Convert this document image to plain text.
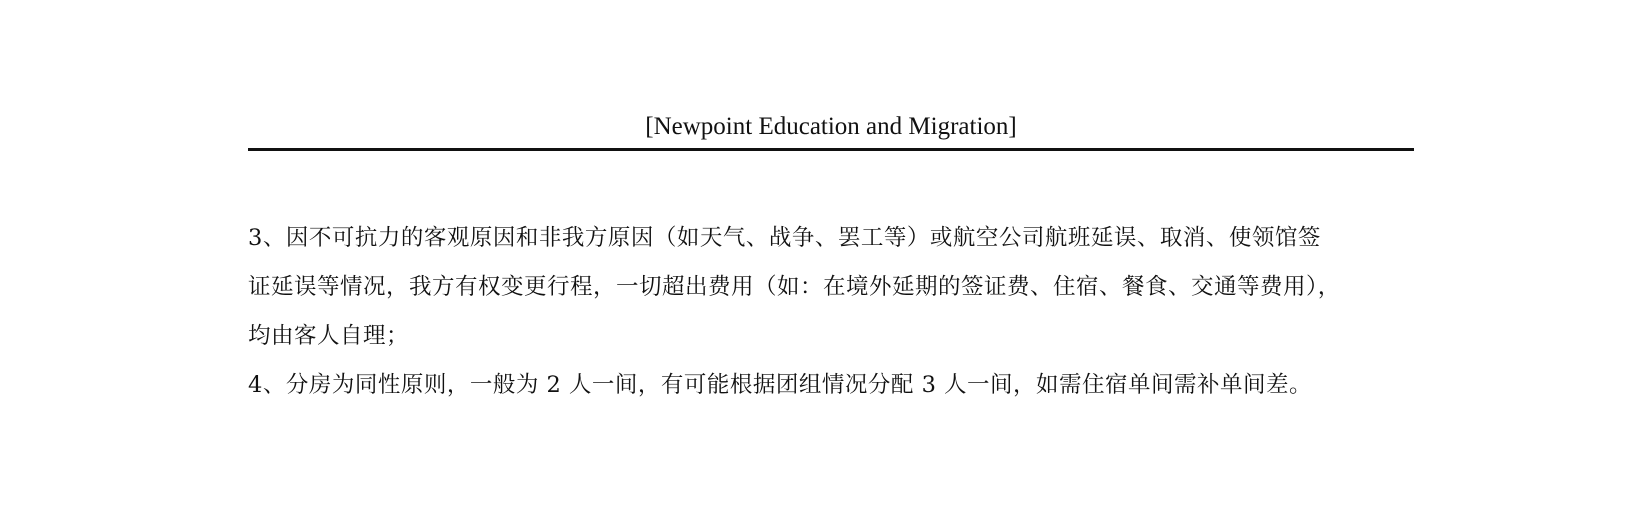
[Newpoint Education and Migration]

3、因不可抗力的客观原因和非我方原因（如天气、战争、罢工等）或航空公司航班延误、取消、使领馆签
证延误等情况，我方有权变更行程，一切超出费用（如：在境外延期的签证费、住宿、餐食、交通等费用），
均由客人自理；

4、分房为同性原则，一般为 2 人一间，有可能根据团组情况分配 3 人一间，如需住宿单间需补单间差。
